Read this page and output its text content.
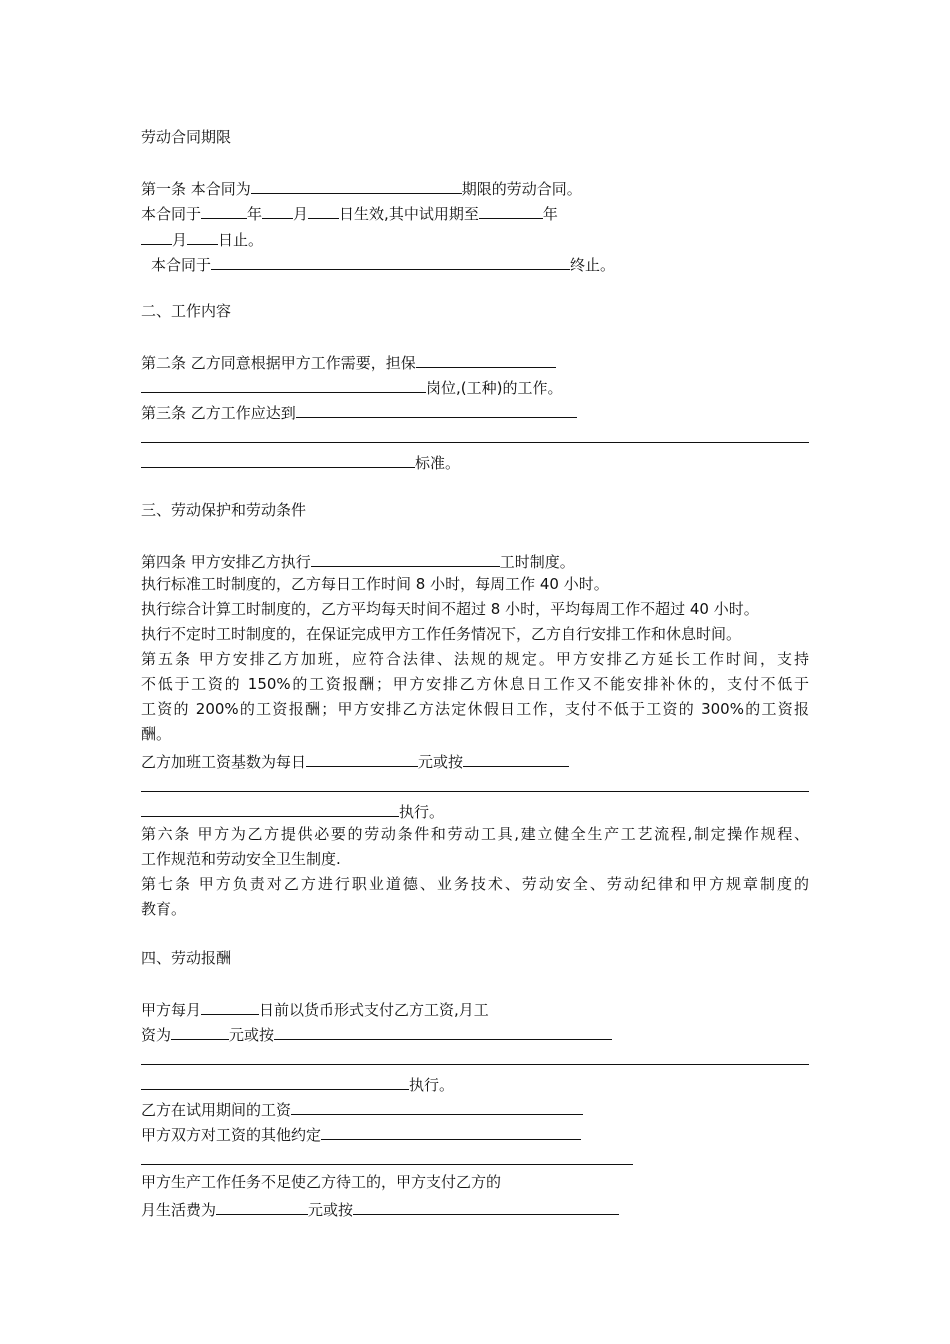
劳动合同期限
第一条 本合同为	期限的劳动合同。
本合同于	年 月 日生效,其中试用期至	年
月 日止。
本合同于	终止。
二、工作内容
第二条 乙方同意根据甲方工作需要，担保
岗位,(工种)的工作。
第三条 乙方工作应达到
标准。
三、劳动保护和劳动条件
第四条 甲方安排乙方执行	工时制度。
执行标准工时制度的，乙方每日工作时间 8 小时，每周工作 40 小时。
执行综合计算工时制度的，乙方平均每天时间不超过 8 小时，平均每周工作不超过 40 小时。
执行不定时工时制度的，在保证完成甲方工作任务情况下，乙方自行安排工作和休息时间。
第五条 甲方安排乙方加班，应符合法律、法规的规定。甲方安排乙方延长工作时间，支持
不低于工资的 150%的工资报酬；甲方安排乙方休息日工作又不能安排补休的，支付不低于
工资的 200%的工资报酬；甲方安排乙方法定休假日工作，支付不低于工资的 300%的工资报
酬。
乙方加班工资基数为每日	元或按
执行。
第六条 甲方为乙方提供必要的劳动条件和劳动工具,建立健全生产工艺流程,制定操作规程、
工作规范和劳动安全卫生制度.
第七条 甲方负责对乙方进行职业道德、业务技术、劳动安全、劳动纪律和甲方规章制度的
教育。
四、劳动报酬
甲方每月	日前以货币形式支付乙方工资,月工
资为	元或按
执行。
乙方在试用期间的工资
甲方双方对工资的其他约定
甲方生产工作任务不足使乙方待工的，甲方支付乙方的
月生活费为	元或按
